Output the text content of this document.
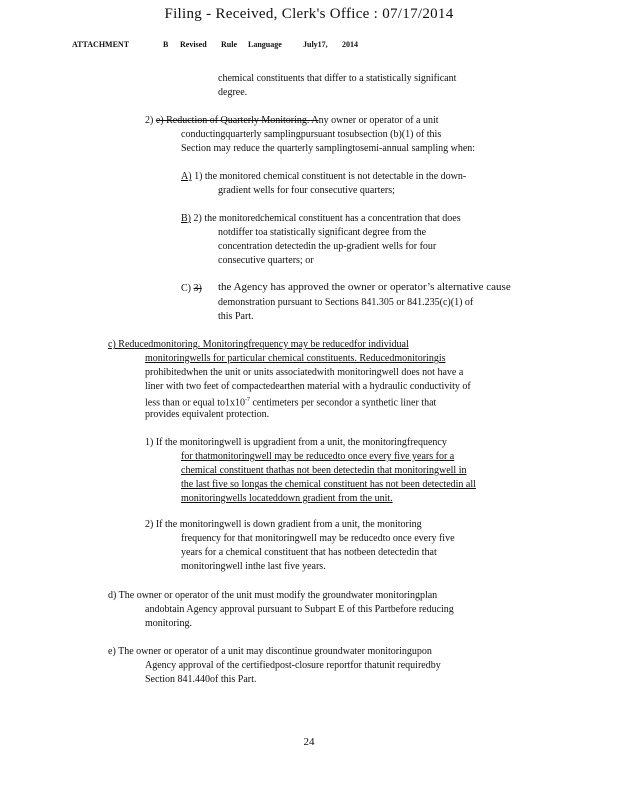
Filing - Received, Clerk's Office : 07/17/2014
ATTACHMENT	B Revised Rule Language	July17, 2014
chemical constituents that differ to a statistically significant
degree.
2) e) Reduction of Quarterly Monitoring. Any owner or operator of a unit
conductingquarterly samplingpursuant tosubsection (b)(1) of this
Section may reduce the quarterly samplingtosemi-annual sampling when:
A) 1) the monitored chemical constituent is not detectable in the down-
gradient wells for four consecutive quarters;
B) 2) the monitoredchemical constituent has a concentration that does
notdiffer toa statistically significant degree from the
concentration detectedin the up-gradient wells for four
consecutive quarters; or
C) 3) the Agency has approved the owner or operator’s alternative cause
demonstration pursuant to Sections 841.305 or 841.235(c)(1) of
this Part.
c) Reducedmonitoring. Monitoringfrequency may be reducedfor individual
monitoringwells for particular chemical constituents. Reducedmonitoringis
prohibitedwhen the unit or units associatedwith monitoringwell does not have a
liner with two feet of compactedearthen material with a hydraulic conductivity of
less than or equal $to1x10^{-7}$ centimeters per secondor a synthetic liner that
provides equivalent protection.
1) If the monitoringwell is upgradient from a unit, the monitoringfrequency
for thatmonitoringwell may be reducedto once every five years for a
chemical constituent thathas not been detectedin that monitoringwell in
the last five so longas the chemical constituent has not been detectedin all
monitoringwells locateddown gradient from the unit.
2) If the monitoringwell is down gradient from a unit, the monitoring
frequency for that monitoringwell may be reducedto once every five
years for a chemical constituent that has notbeen detectedin that
monitoringwell inthe last five years.
d) The owner or operator of the unit must modify the groundwater monitoringplan
andobtain Agency approval pursuant to Subpart E of this Partbefore reducing
monitoring.
e) The owner or operator of a unit may discontinue groundwater monitoringupon
Agency approval of the certifiedpost-closure reportfor thatunit requiredby
Section 841.440of this Part.
24
